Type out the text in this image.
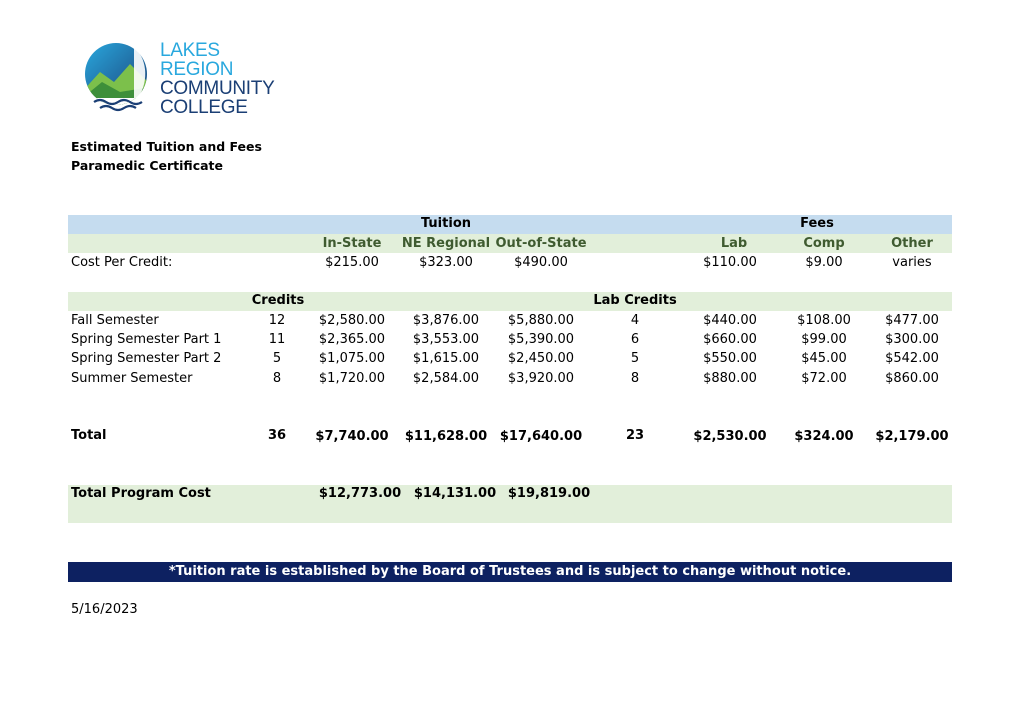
LAKES
REGION
COMMUNITY
COLLEGE
Estimated Tuition and Fees
Paramedic Certificate
Tuition	Fees
In-State NE Regional Out-of-State	Lab	Comp	Other
Cost Per Credit:	$215.00	$323.00	$490.00	$110.00	$9.00	varies
Credits	Lab Credits
Fall Semester	12	$2,580.00 $3,876.00 $5,880.00	4	$440.00	$108.00	$477.00
Spring Semester Part 1	11	$2,365.00 $3,553.00 $5,390.00	6	$660.00	$99.00	$300.00
Spring Semester Part 2	5	$1,075.00 $1,615.00 $2,450.00	5	$550.00	$45.00	$542.00
Summer Semester	8	$1,720.00 $2,584.00 $3,920.00	8	$880.00	$72.00	$860.00
Total	36 $7,740.00 $11,628.00 $17,640.00	23	$2,530.00 $324.00 $2,179.00
Total Program Cost	$12,773.00 $14,131.00 $19,819.00
*Tuition rate is established by the Board of Trustees and is subject to change without notice.
5/16/2023
